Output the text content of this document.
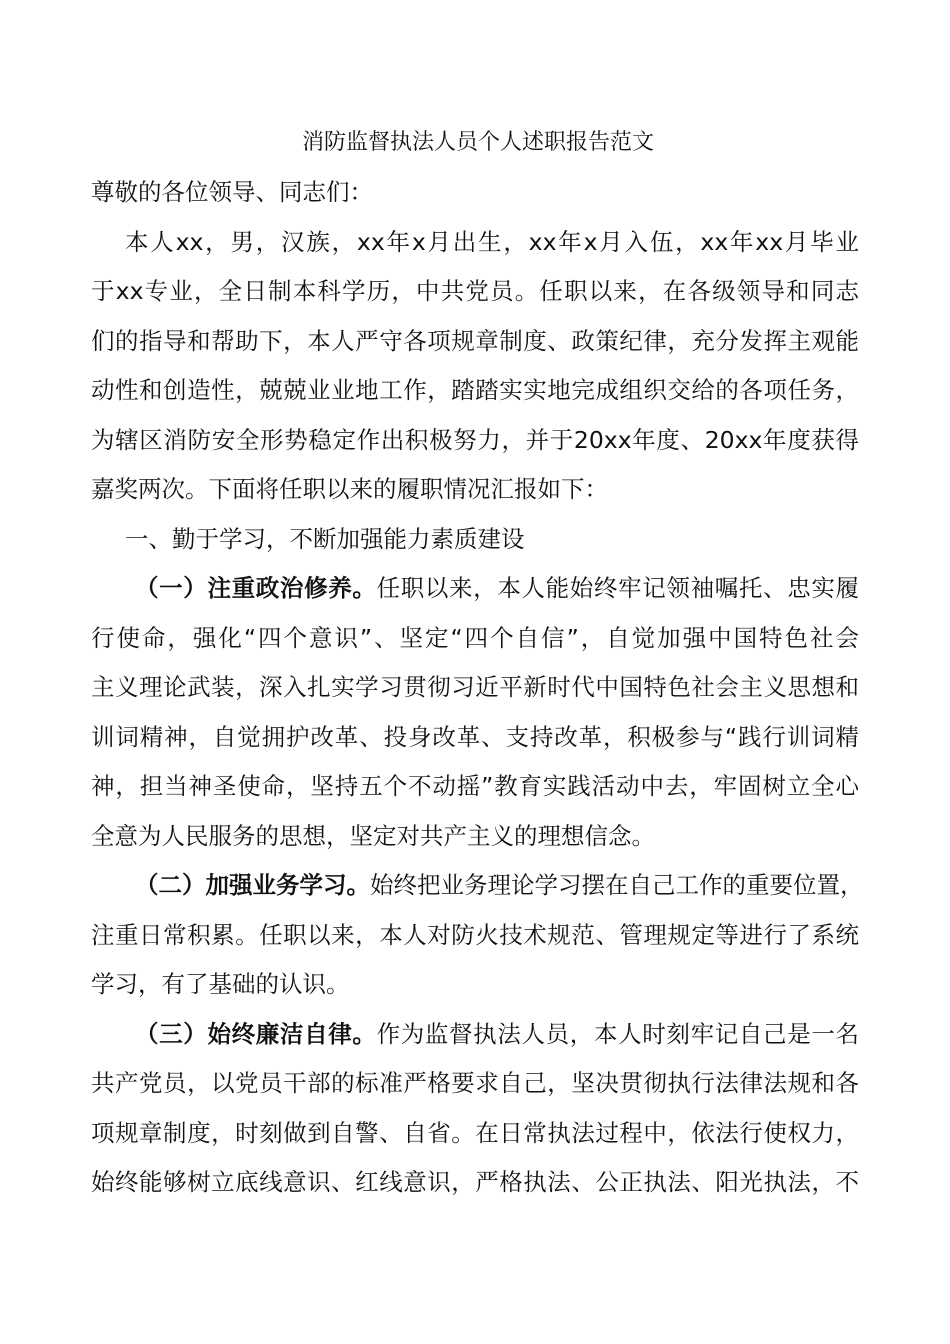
消防监督执法人员个人述职报告范文

尊敬的各位领导、同志们：

本人xx，男，汉族，xx年x月出生，xx年x月入伍，xx年xx月毕业

于xx专业，全日制本科学历，中共党员。任职以来，在各级领导和同志

们的指导和帮助下，本人严守各项规章制度、政策纪律，充分发挥主观能

动性和创造性，兢兢业业地工作，踏踏实实地完成组织交给的各项任务，

为辖区消防安全形势稳定作出积极努力，并于20xx年度、20xx年度获得

嘉奖两次。下面将任职以来的履职情况汇报如下：

一、勤于学习，不断加强能力素质建设

（一）注重政治修养。任职以来，本人能始终牢记领袖嘱托、忠实履

行使命，强化“四个意识”、坚定“四个自信”，自觉加强中国特色社会

主义理论武装，深入扎实学习贯彻习近平新时代中国特色社会主义思想和

训词精神，自觉拥护改革、投身改革、支持改革，积极参与“践行训词精

神，担当神圣使命，坚持五个不动摇”教育实践活动中去，牢固树立全心

全意为人民服务的思想，坚定对共产主义的理想信念。

（二）加强业务学习。始终把业务理论学习摆在自己工作的重要位置，

注重日常积累。任职以来，本人对防火技术规范、管理规定等进行了系统

学习，有了基础的认识。

（三）始终廉洁自律。作为监督执法人员，本人时刻牢记自己是一名

共产党员，以党员干部的标准严格要求自己，坚决贯彻执行法律法规和各

项规章制度，时刻做到自警、自省。在日常执法过程中，依法行使权力，

始终能够树立底线意识、红线意识，严格执法、公正执法、阳光执法，不
